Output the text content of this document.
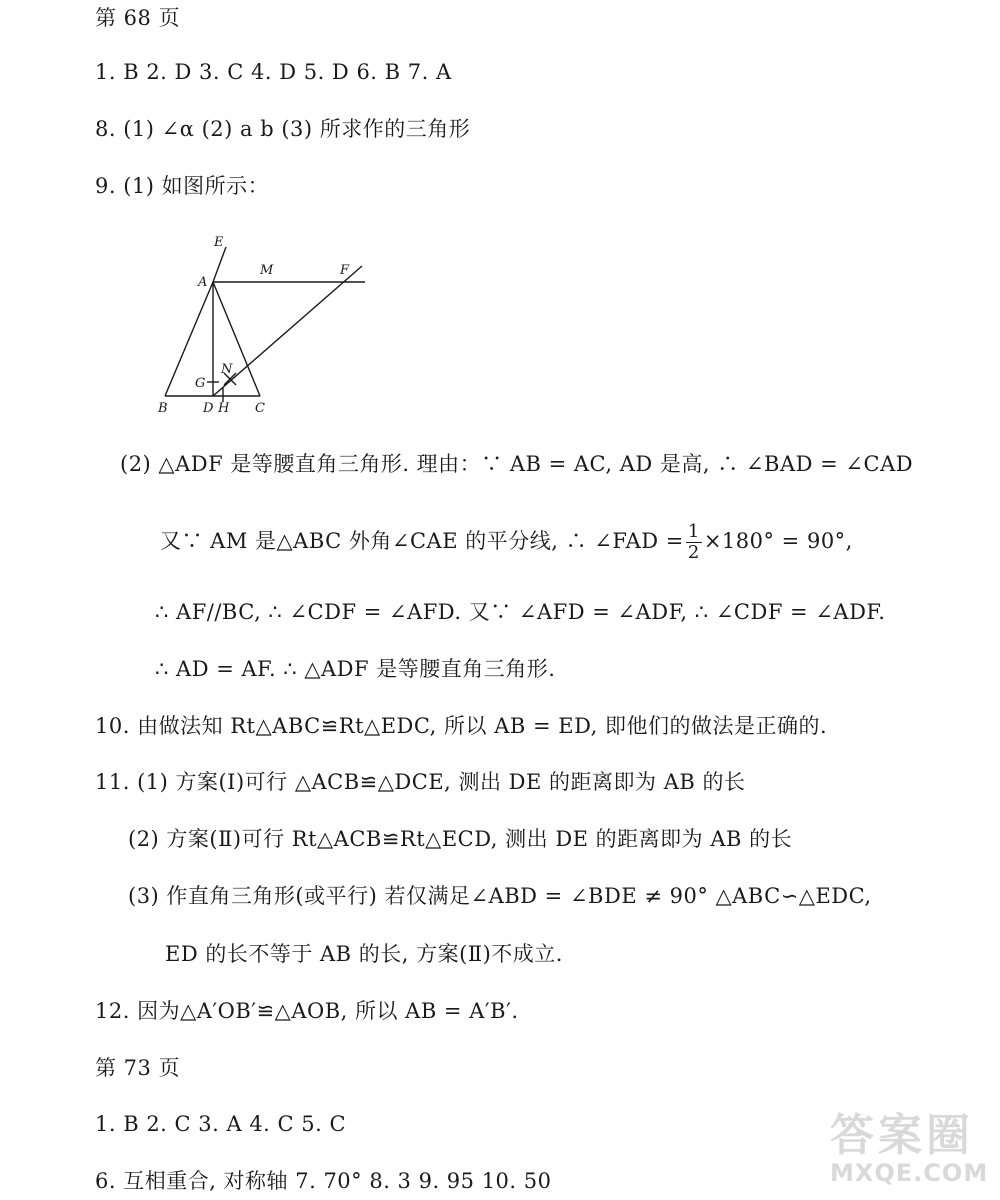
第 68 页
1. B 2. D 3. C 4. D 5. D 6. B 7. A
8. (1) ∠α (2) a b (3) 所求作的三角形
9. (1) 如图所示：
E
A
M	F
N
G
B	D H C
(2) △ADF 是等腰直角三角形. 理由：∵ AB = AC, AD 是高, ∴ ∠BAD = ∠CAD
又∵ AM 是△ABC 外角∠CAE 的平分线, ∴ ∠FAD = $\frac{1}{2} \times 180^\circ = 90^\circ$,
∴ AF//BC, ∴ ∠CDF = ∠AFD. 又∵ ∠AFD = ∠ADF, ∴ ∠CDF = ∠ADF.
∴ AD = AF. ∴ △ADF 是等腰直角三角形.
10. 由做法知 Rt△ABC≌Rt△EDC, 所以 AB = ED, 即他们的做法是正确的.
11. (1) 方案(Ⅰ)可行 △ACB≌△DCE, 测出 DE 的距离即为 AB 的长
(2) 方案(Ⅱ)可行 Rt△ACB≌Rt△ECD, 测出 DE 的距离即为 AB 的长
(3) 作直角三角形(或平行) 若仅满足∠ABD = ∠BDE ≠ 90° △ABC∽△EDC,
ED 的长不等于 AB 的长, 方案(Ⅱ)不成立.
12. 因为△A′OB′≌△AOB, 所以 AB = A′B′.
第 73 页
1. B 2. C 3. A 4. C 5. C
6. 互相重合, 对称轴 7. 70° 8. 3 9. 95 10. 50
答案圈
MXQE.COM
